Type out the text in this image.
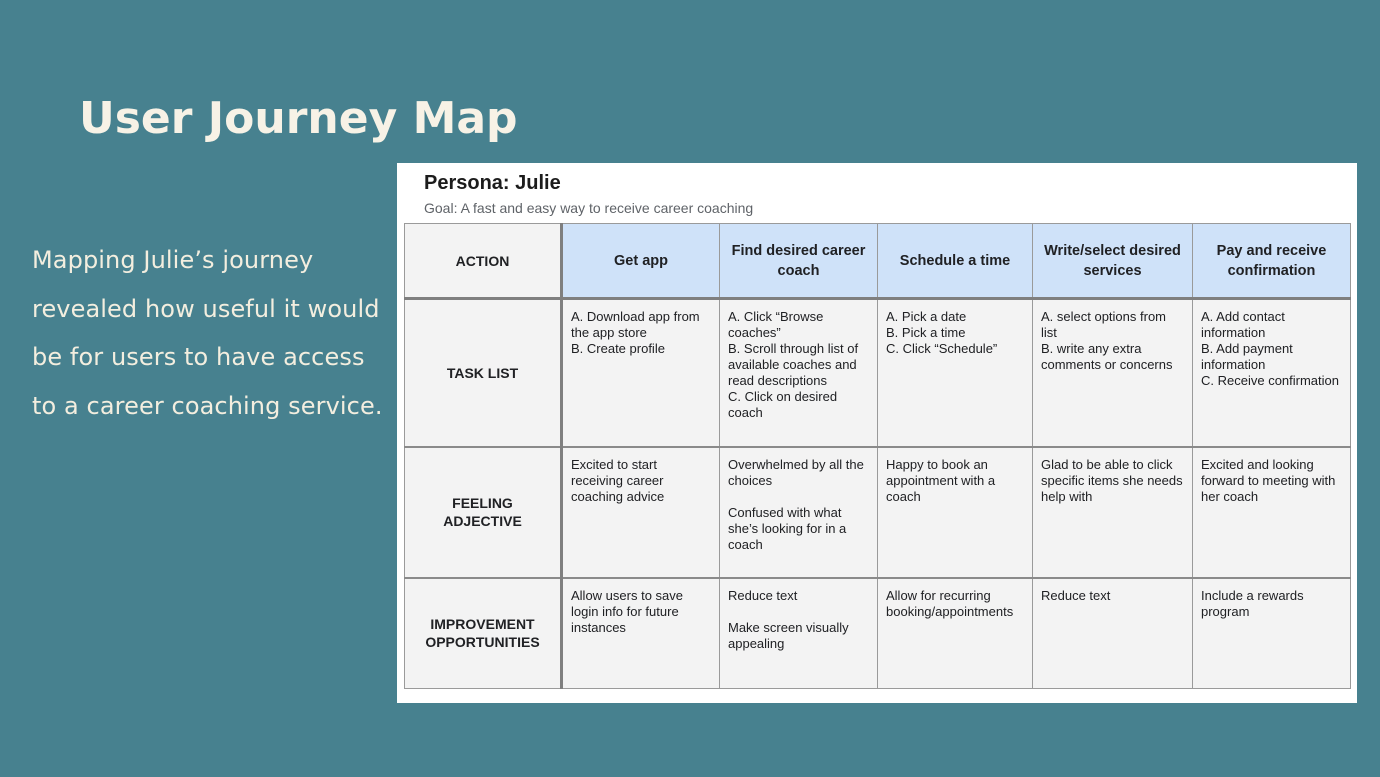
User Journey Map

Mapping Julie’s journey revealed how useful it would be for users to have access to a career coaching service.

Persona: Julie
Goal: A fast and easy way to receive career coaching
ACTION	Get app	Find desired career coach	Schedule a time	Write/select desired services	Pay and receive confirmation
TASK LIST	A. Download app from the app store
B. Create profile	A. Click “Browse coaches”
B. Scroll through list of available coaches and read descriptions
C. Click on desired coach	A. Pick a date
B. Pick a time
C. Click “Schedule”	A. select options from list
B. write any extra comments or concerns	A. Add contact information
B. Add payment information
C. Receive confirmation
FEELING
ADJECTIVE	Excited to start receiving career coaching advice	Overwhelmed by all the choices

Confused with what she’s looking for in a coach	Happy to book an appointment with a coach	Glad to be able to click specific items she needs help with	Excited and looking forward to meeting with her coach
IMPROVEMENT
OPPORTUNITIES	Allow users to save login info for future instances	Reduce text

Make screen visually appealing	Allow for recurring booking/appointments	Reduce text	Include a rewards program
